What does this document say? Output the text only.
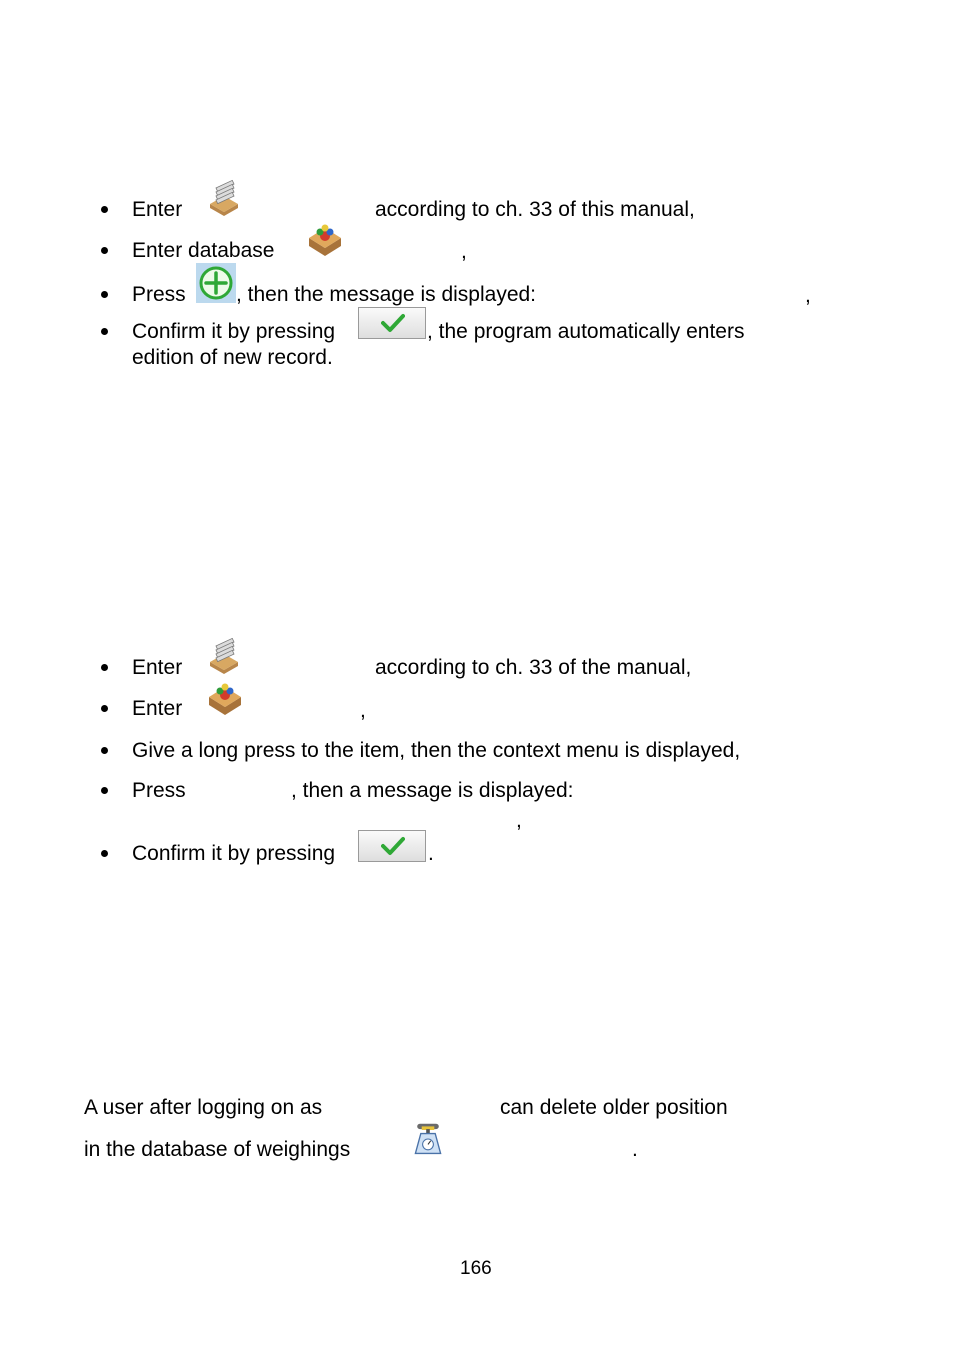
Enter	according to ch. 33 of this manual,
Enter database	,
Press , then the message is displayed:	,
Confirm it by pressing	, the program automatically enters
edition of new record.
Enter	according to ch. 33 of the manual,
Enter	,
Give a long press to the item, then the context menu is displayed,
Press	, then a message is displayed:
,
Confirm it by pressing	.
A user after logging on as	can delete older position
in the database of weighings	.
166
